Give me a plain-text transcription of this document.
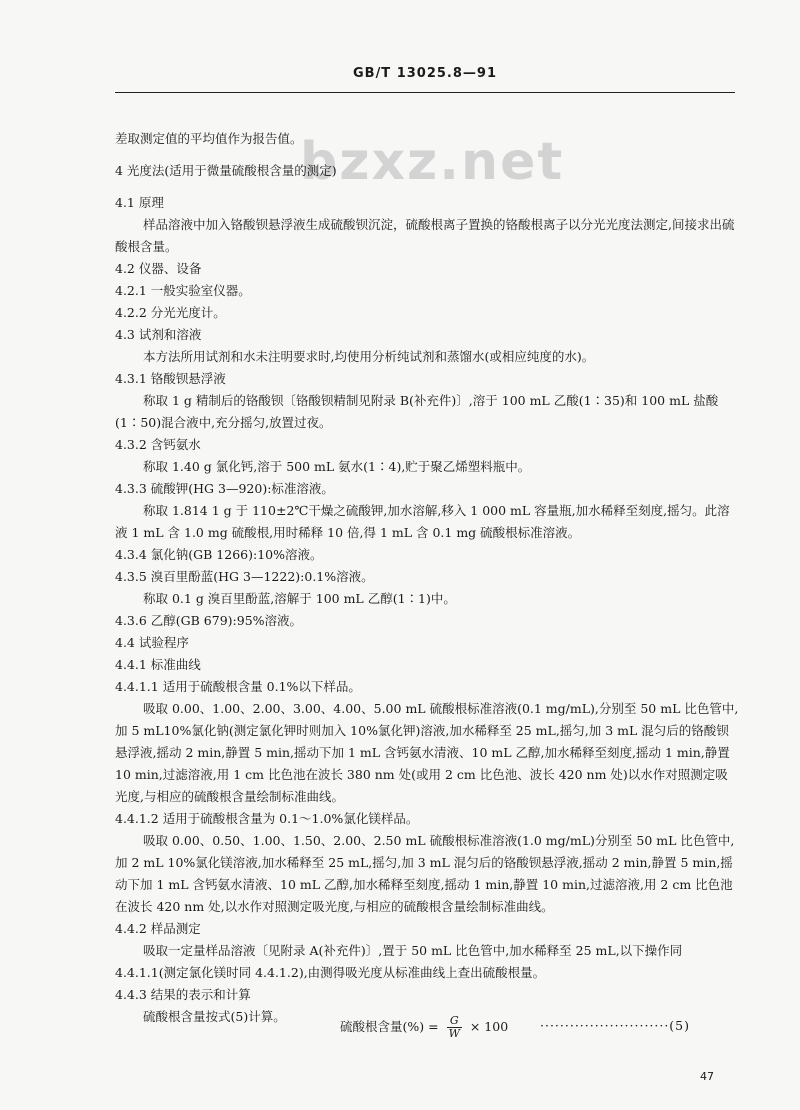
GB/T 13025.8—91
bzxz.net

差取测定值的平均值作为报告值。

4 光度法(适用于微量硫酸根含量的测定)

4.1 原理

样品溶液中加入铬酸钡悬浮液生成硫酸钡沉淀，硫酸根离子置换的铬酸根离子以分光光度法测定,间接求出硫酸根含量。

4.2 仪器、设备

4.2.1 一般实验室仪器。

4.2.2 分光光度计。

4.3 试剂和溶液

本方法所用试剂和水未注明要求时,均使用分析纯试剂和蒸馏水(或相应纯度的水)。

4.3.1 铬酸钡悬浮液

称取 1 g 精制后的铬酸钡〔铬酸钡精制见附录 B(补充件)〕,溶于 100 mL 乙酸(1∶35)和 100 mL 盐酸(1∶50)混合液中,充分摇匀,放置过夜。

4.3.2 含钙氨水

称取 1.40 g 氯化钙,溶于 500 mL 氨水(1∶4),贮于聚乙烯塑料瓶中。

4.3.3 硫酸钾(HG 3—920):标准溶液。

称取 1.814 1 g 于 110±2℃干燥之硫酸钾,加水溶解,移入 1 000 mL 容量瓶,加水稀释至刻度,摇匀。此溶液 1 mL 含 1.0 mg 硫酸根,用时稀释 10 倍,得 1 mL 含 0.1 mg 硫酸根标准溶液。

4.3.4 氯化钠(GB 1266):10%溶液。

4.3.5 溴百里酚蓝(HG 3—1222):0.1%溶液。

称取 0.1 g 溴百里酚蓝,溶解于 100 mL 乙醇(1∶1)中。

4.3.6 乙醇(GB 679):95%溶液。

4.4 试验程序

4.4.1 标准曲线

4.4.1.1 适用于硫酸根含量 0.1%以下样品。

吸取 0.00、1.00、2.00、3.00、4.00、5.00 mL 硫酸根标准溶液(0.1 mg/mL),分别至 50 mL 比色管中,加 5 mL10%氯化钠(测定氯化钾时则加入 10%氯化钾)溶液,加水稀释至 25 mL,摇匀,加 3 mL 混匀后的铬酸钡悬浮液,摇动 2 min,静置 5 min,摇动下加 1 mL 含钙氨水清液、10 mL 乙醇,加水稀释至刻度,摇动 1 min,静置 10 min,过滤溶液,用 1 cm 比色池在波长 380 nm 处(或用 2 cm 比色池、波长 420 nm 处)以水作对照测定吸光度,与相应的硫酸根含量绘制标准曲线。

4.4.1.2 适用于硫酸根含量为 0.1～1.0%氯化镁样品。

吸取 0.00、0.50、1.00、1.50、2.00、2.50 mL 硫酸根标准溶液(1.0 mg/mL)分别至 50 mL 比色管中,加 2 mL 10%氯化镁溶液,加水稀释至 25 mL,摇匀,加 3 mL 混匀后的铬酸钡悬浮液,摇动 2 min,静置 5 min,摇动下加 1 mL 含钙氨水清液、10 mL 乙醇,加水稀释至刻度,摇动 1 min,静置 10 min,过滤溶液,用 2 cm 比色池在波长 420 nm 处,以水作对照测定吸光度,与相应的硫酸根含量绘制标准曲线。

4.4.2 样品测定

吸取一定量样品溶液〔见附录 A(补充件)〕,置于 50 mL 比色管中,加水稀释至 25 mL,以下操作同 4.4.1.1(测定氯化镁时同 4.4.1.2),由测得吸光度从标准曲线上查出硫酸根量。

4.4.3 结果的表示和计算

硫酸根含量按式(5)计算。

硫酸根含量(%) = $\frac{G}{W} \times 100$	··························(5)
47
